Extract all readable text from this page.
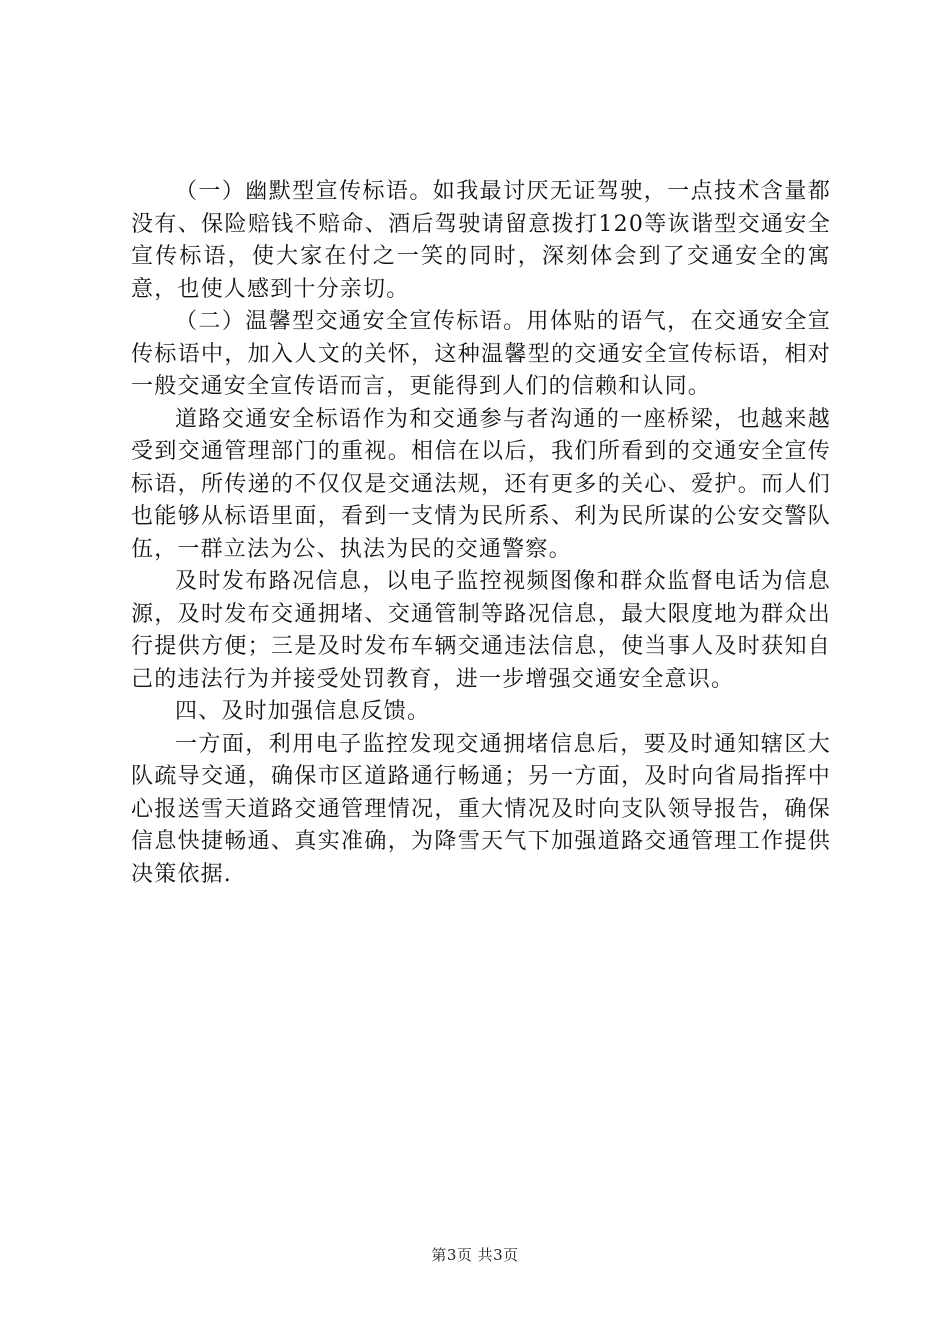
（一）幽默型宣传标语。如我最讨厌无证驾驶，一点技术含量都没有、保险赔钱不赔命、酒后驾驶请留意拨打120等诙谐型交通安全宣传标语，使大家在付之一笑的同时，深刻体会到了交通安全的寓意，也使人感到十分亲切。

（二）温馨型交通安全宣传标语。用体贴的语气，在交通安全宣传标语中，加入人文的关怀，这种温馨型的交通安全宣传标语，相对一般交通安全宣传语而言，更能得到人们的信赖和认同。

道路交通安全标语作为和交通参与者沟通的一座桥梁，也越来越受到交通管理部门的重视。相信在以后，我们所看到的交通安全宣传标语，所传递的不仅仅是交通法规，还有更多的关心、爱护。而人们也能够从标语里面，看到一支情为民所系、利为民所谋的公安交警队伍，一群立法为公、执法为民的交通警察。

及时发布路况信息，以电子监控视频图像和群众监督电话为信息源，及时发布交通拥堵、交通管制等路况信息，最大限度地为群众出行提供方便；三是及时发布车辆交通违法信息，使当事人及时获知自己的违法行为并接受处罚教育，进一步增强交通安全意识。

四、及时加强信息反馈。

一方面，利用电子监控发现交通拥堵信息后，要及时通知辖区大队疏导交通，确保市区道路通行畅通；另一方面，及时向省局指挥中心报送雪天道路交通管理情况，重大情况及时向支队领导报告，确保信息快捷畅通、真实准确，为降雪天气下加强道路交通管理工作提供决策依据.

第3页 共3页
